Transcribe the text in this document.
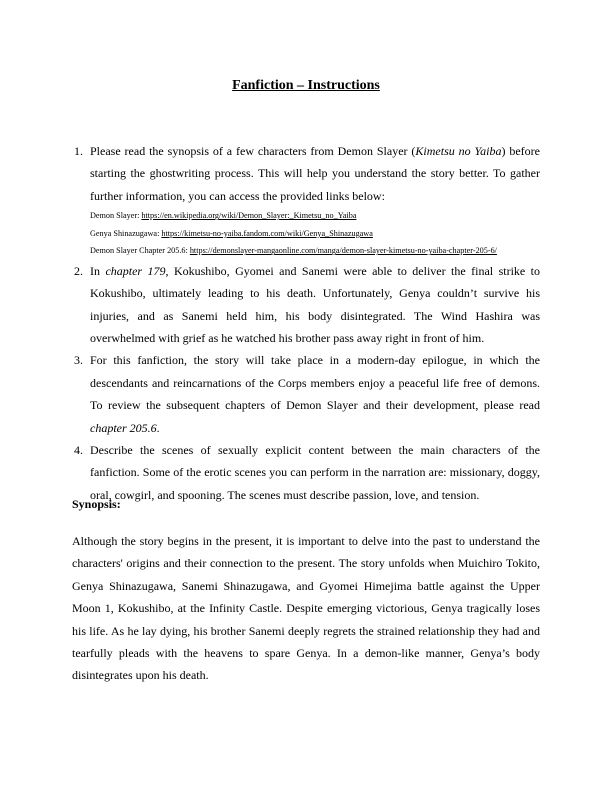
Fanfiction – Instructions
1. Please read the synopsis of a few characters from Demon Slayer (Kimetsu no Yaiba) before starting the ghostwriting process. This will help you understand the story better. To gather further information, you can access the provided links below:
Demon Slayer: https://en.wikipedia.org/wiki/Demon_Slayer:_Kimetsu_no_Yaiba
Genya Shinazugawa: https://kimetsu-no-yaiba.fandom.com/wiki/Genya_Shinazugawa
Demon Slayer Chapter 205.6: https://demonslayer-mangaonline.com/manga/demon-slayer-kimetsu-no-yaiba-chapter-205-6/
2. In chapter 179, Kokushibo, Gyomei and Sanemi were able to deliver the final strike to Kokushibo, ultimately leading to his death. Unfortunately, Genya couldn’t survive his injuries, and as Sanemi held him, his body disintegrated. The Wind Hashira was overwhelmed with grief as he watched his brother pass away right in front of him.
3. For this fanfiction, the story will take place in a modern-day epilogue, in which the descendants and reincarnations of the Corps members enjoy a peaceful life free of demons. To review the subsequent chapters of Demon Slayer and their development, please read chapter 205.6.
4. Describe the scenes of sexually explicit content between the main characters of the fanfiction. Some of the erotic scenes you can perform in the narration are: missionary, doggy, oral, cowgirl, and spooning. The scenes must describe passion, love, and tension.
Synopsis:

Although the story begins in the present, it is important to delve into the past to understand the characters' origins and their connection to the present. The story unfolds when Muichiro Tokito, Genya Shinazugawa, Sanemi Shinazugawa, and Gyomei Himejima battle against the Upper Moon 1, Kokushibo, at the Infinity Castle. Despite emerging victorious, Genya tragically loses his life. As he lay dying, his brother Sanemi deeply regrets the strained relationship they had and tearfully pleads with the heavens to spare Genya. In a demon-like manner, Genya’s body disintegrates upon his death.
